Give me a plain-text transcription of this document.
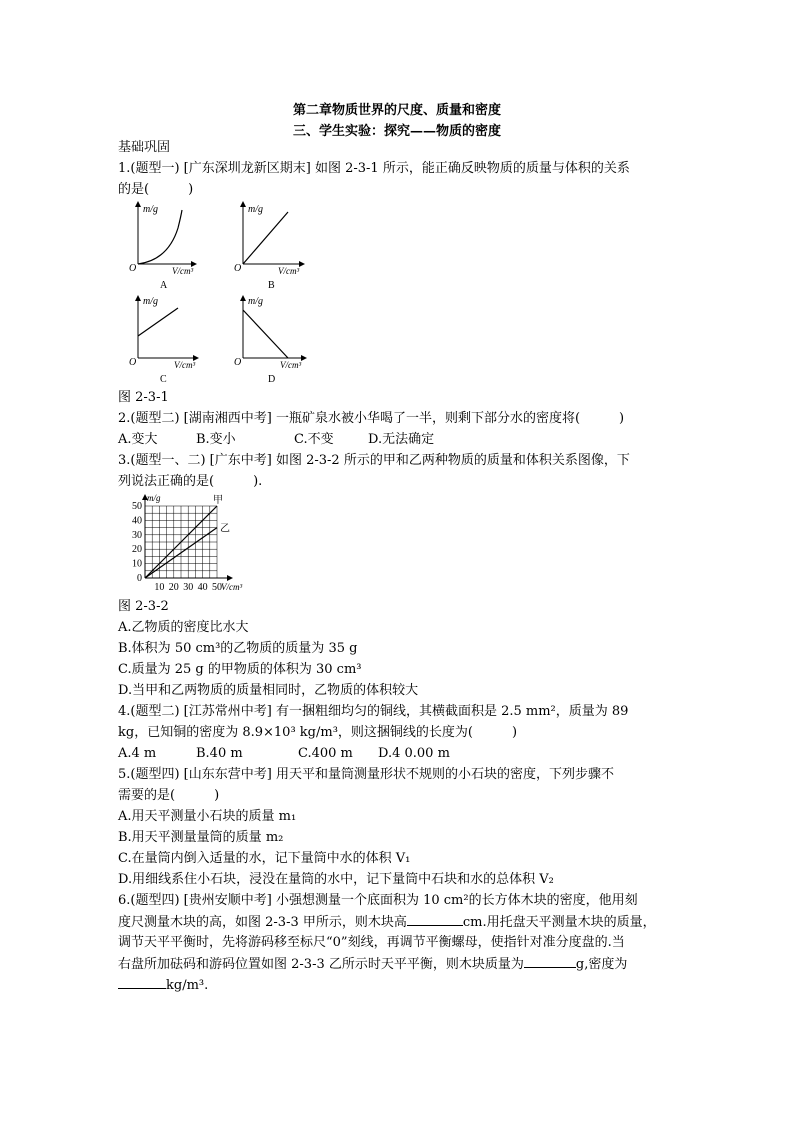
第二章物质世界的尺度、质量和密度
三、学生实验：探究——物质的密度
基础巩固
1.(题型一) [广东深圳龙新区期末] 如图 2-3-1 所示，能正确反映物质的质量与体积的关系
的是(　　　)
m/g
O	V/cm³
A
m/g
O	V/cm³
B
m/g
O	V/cm³
C
m/g
O	V/cm³
D
图 2-3-1
2.(题型二) [湖南湘西中考] 一瓶矿泉水被小华喝了一半，则剩下部分水的密度将(　　　)
A.变大	B.变小	C.不变	D.无法确定
3.(题型一、二) [广东中考] 如图 2-3-2 所示的甲和乙两种物质的质量和体积关系图像，下
列说法正确的是(　　　).
0
10
20
30
40
50
10 20 30 40 50
m/g
V/cm³
甲
乙
图 2-3-2
A.乙物质的密度比水大
B.体积为 50 cm³的乙物质的质量为 35 g
C.质量为 25 g 的甲物质的体积为 30 cm³
D.当甲和乙两物质的质量相同时，乙物质的体积较大
4.(题型二) [江苏常州中考] 有一捆粗细均匀的铜线，其横截面积是 2.5 mm²，质量为 89
kg，已知铜的密度为 8.9×10³ kg/m³，则这捆铜线的长度为(　　　)
A.4 m	B.40 m	C.400 m D.4 0.00 m
5.(题型四) [山东东营中考] 用天平和量筒测量形状不规则的小石块的密度，下列步骤不
需要的是(　　　)
A.用天平测量小石块的质量 m₁
B.用天平测量量筒的质量 m₂
C.在量筒内倒入适量的水，记下量筒中水的体积 V₁
D.用细线系住小石块，浸没在量筒的水中，记下量筒中石块和水的总体积 V₂
6.(题型四) [贵州安顺中考] 小强想测量一个底面积为 10 cm²的长方体木块的密度，他用刻
度尺测量木块的高，如图 2-3-3 甲所示，则木块高	cm.用托盘天平测量木块的质量，
调节天平平衡时，先将游码移至标尺“0”刻线，再调节平衡螺母，使指针对准分度盘的.当
右盘所加砝码和游码位置如图 2-3-3 乙所示时天平平衡，则木块质量为	g,密度为
kg/m³.
